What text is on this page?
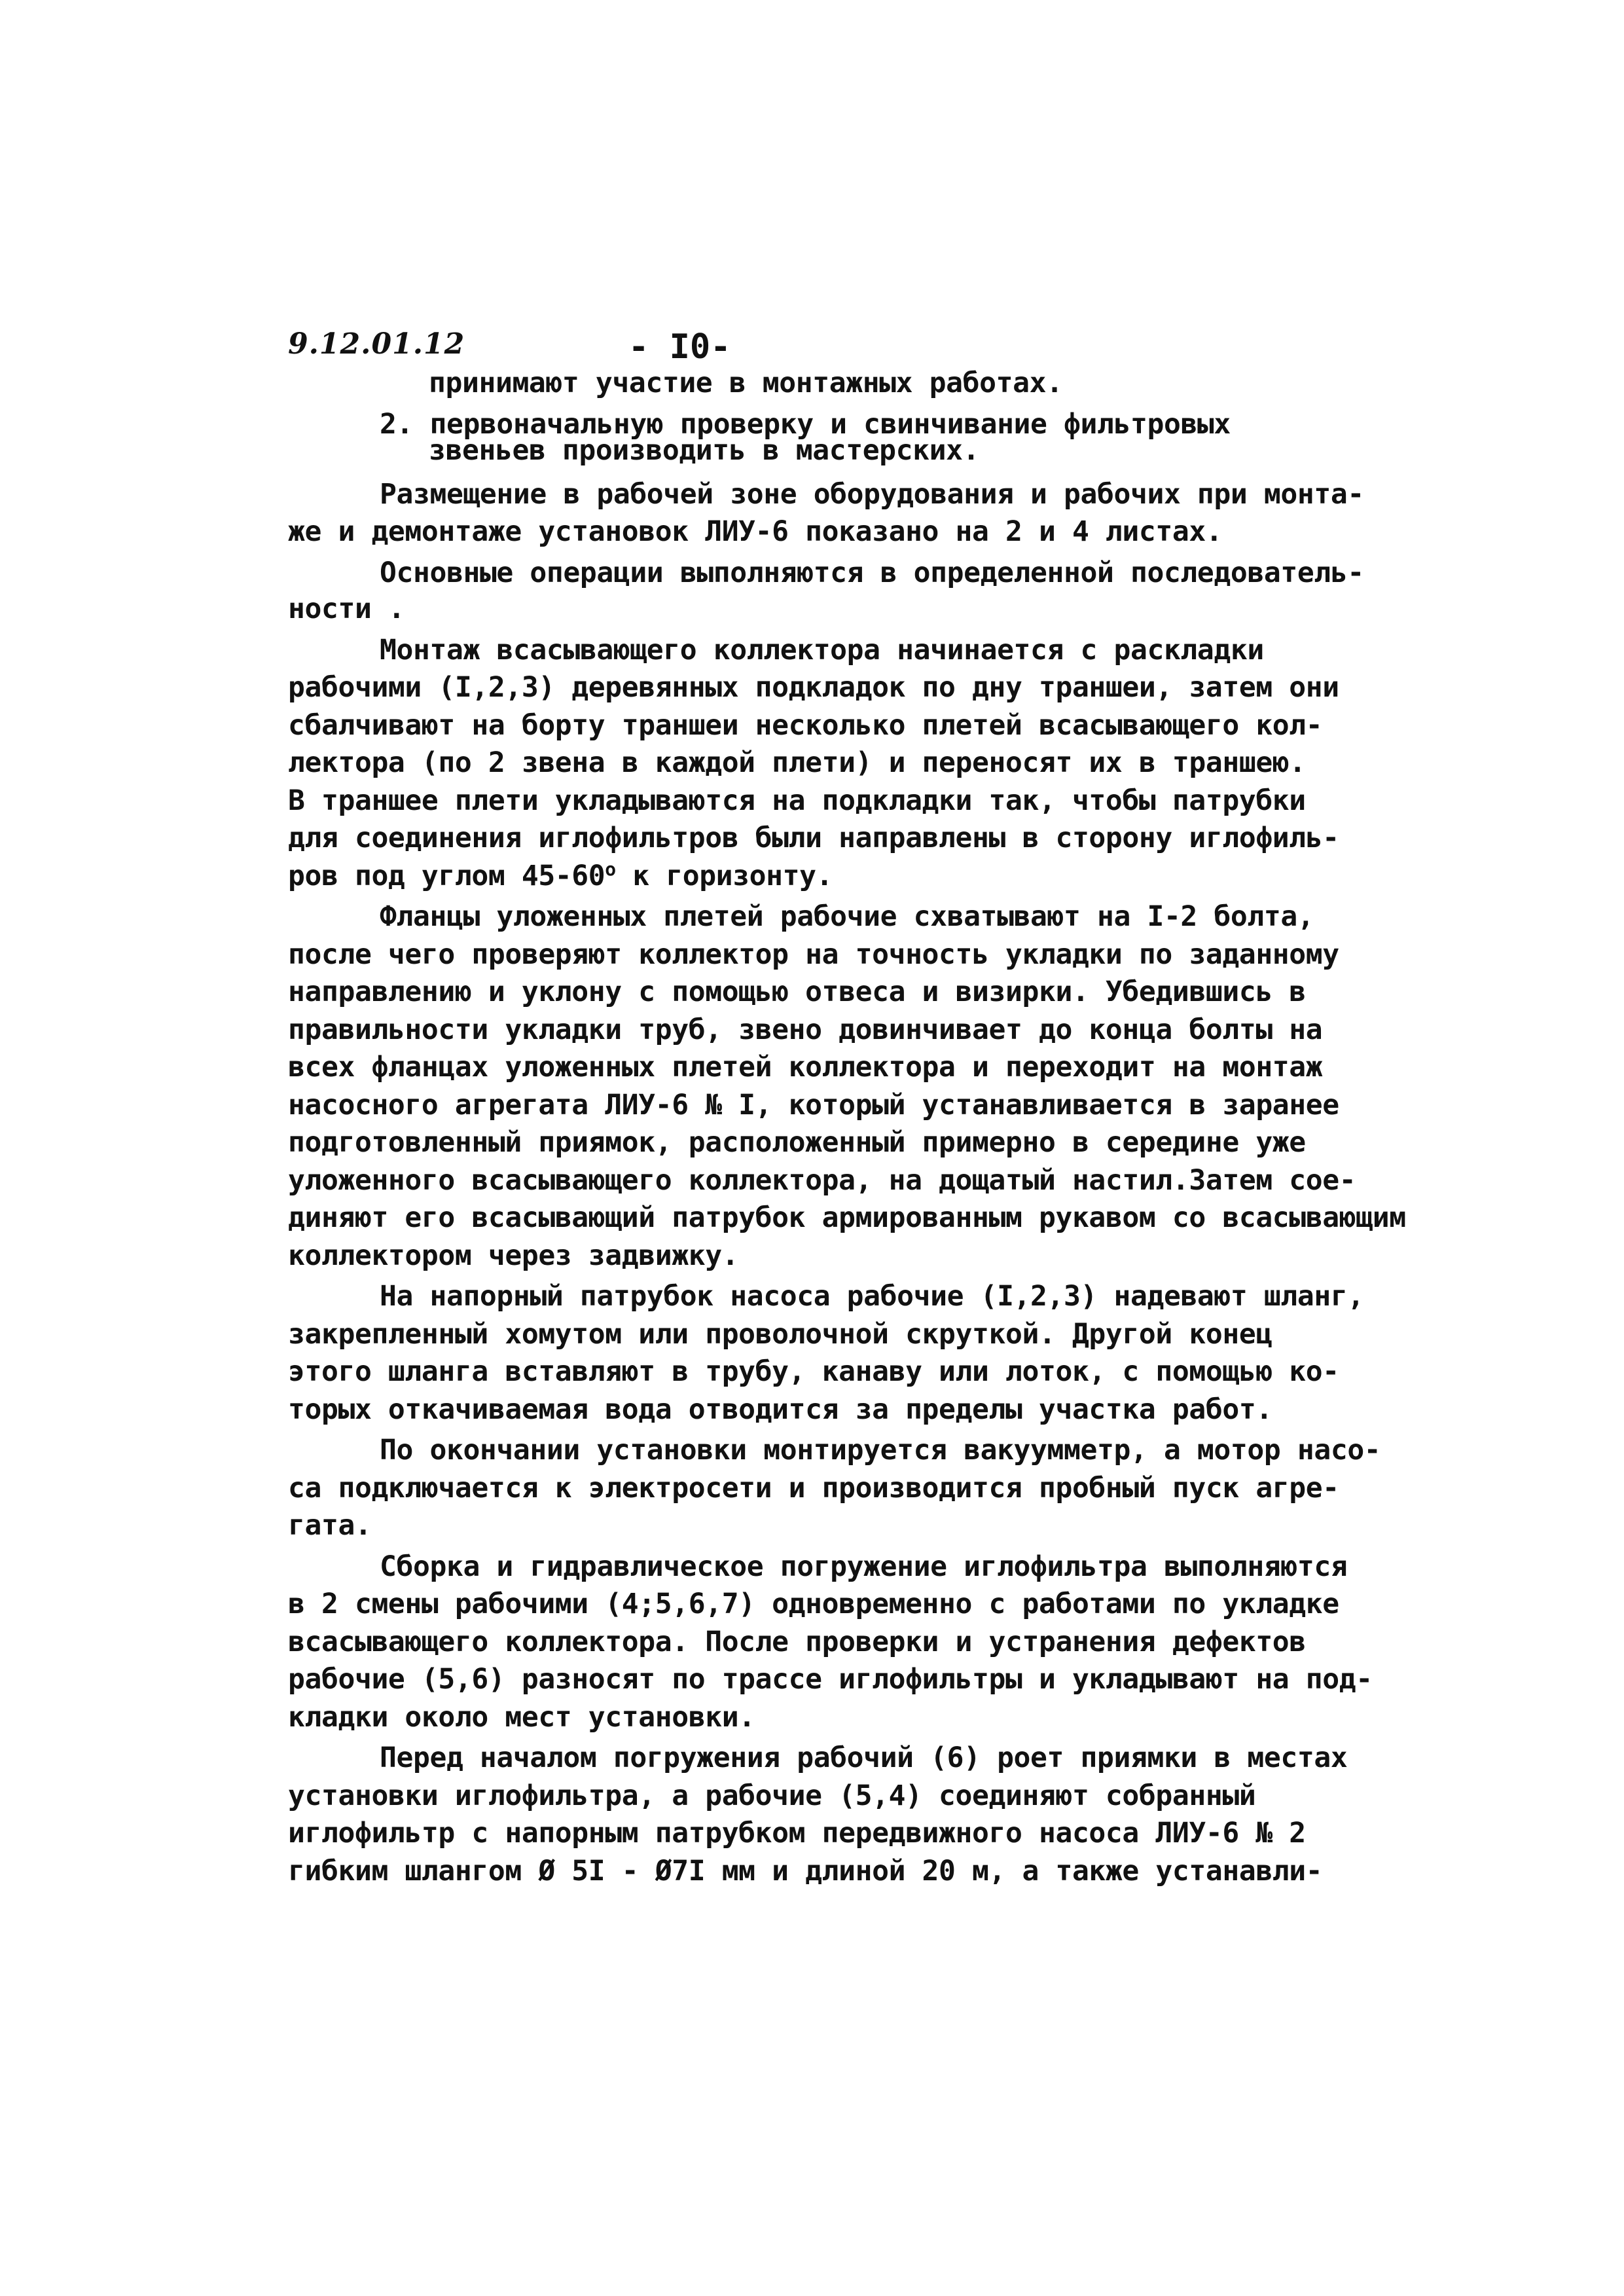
9.12.01.12	- I0-
принимают участие в монтажных работах.
2. первоначальную проверку и свинчивание фильтровых
звеньев производить в мастерских.
Размещение в рабочей зоне оборудования и рабочих при монта-
же и демонтаже установок ЛИУ-6 показано на 2 и 4 листах.
Основные операции выполняются в определенной последователь-
ности .
Монтаж всасывающего коллектора начинается с раскладки
рабочими (I,2,3) деревянных подкладок по дну траншеи, затем они
сбалчивают на борту траншеи несколько плетей всасывающего кол-
лектора (по 2 звена в каждой плети) и переносят их в траншею.
В траншее плети укладываются на подкладки так, чтобы патрубки
для соединения иглофильтров были направлены в сторону иглофиль-
ров под углом 45-60$^o$ к горизонту.
Фланцы уложенных плетей рабочие схватывают на I-2 болта,
после чего проверяют коллектор на точность укладки по заданному
направлению и уклону с помощью отвеса и визирки. Убедившись в
правильности укладки труб, звено довинчивает до конца болты на
всех фланцах уложенных плетей коллектора и переходит на монтаж
насосного агрегата ЛИУ-6 № I, который устанавливается в заранее
подготовленный приямок, расположенный примерно в середине уже
уложенного всасывающего коллектора, на дощатый настил.Затем сое-
диняют его всасывающий патрубок армированным рукавом со всасывающим
коллектором через задвижку.
На напорный патрубок насоса рабочие (I,2,3) надевают шланг,
закрепленный хомутом или проволочной скруткой. Другой конец
этого шланга вставляют в трубу, канаву или лоток, с помощью ко-
торых откачиваемая вода отводится за пределы участка работ.
По окончании установки монтируется вакуумметр, а мотор насо-
са подключается к электросети и производится пробный пуск агре-
гата.
Сборка и гидравлическое погружение иглофильтра выполняются
в 2 смены рабочими (4;5,6,7) одновременно с работами по укладке
всасывающего коллектора. После проверки и устранения дефектов
рабочие (5,6) разносят по трассе иглофильтры и укладывают на под-
кладки около мест установки.
Перед началом погружения рабочий (6) роет приямки в местах
установки иглофильтра, а рабочие (5,4) соединяют собранный
иглофильтр с напорным патрубком передвижного насоса ЛИУ-6 № 2
гибким шлангом Ø 5I - Ø7I мм и длиной 20 м, а также устанавли-
